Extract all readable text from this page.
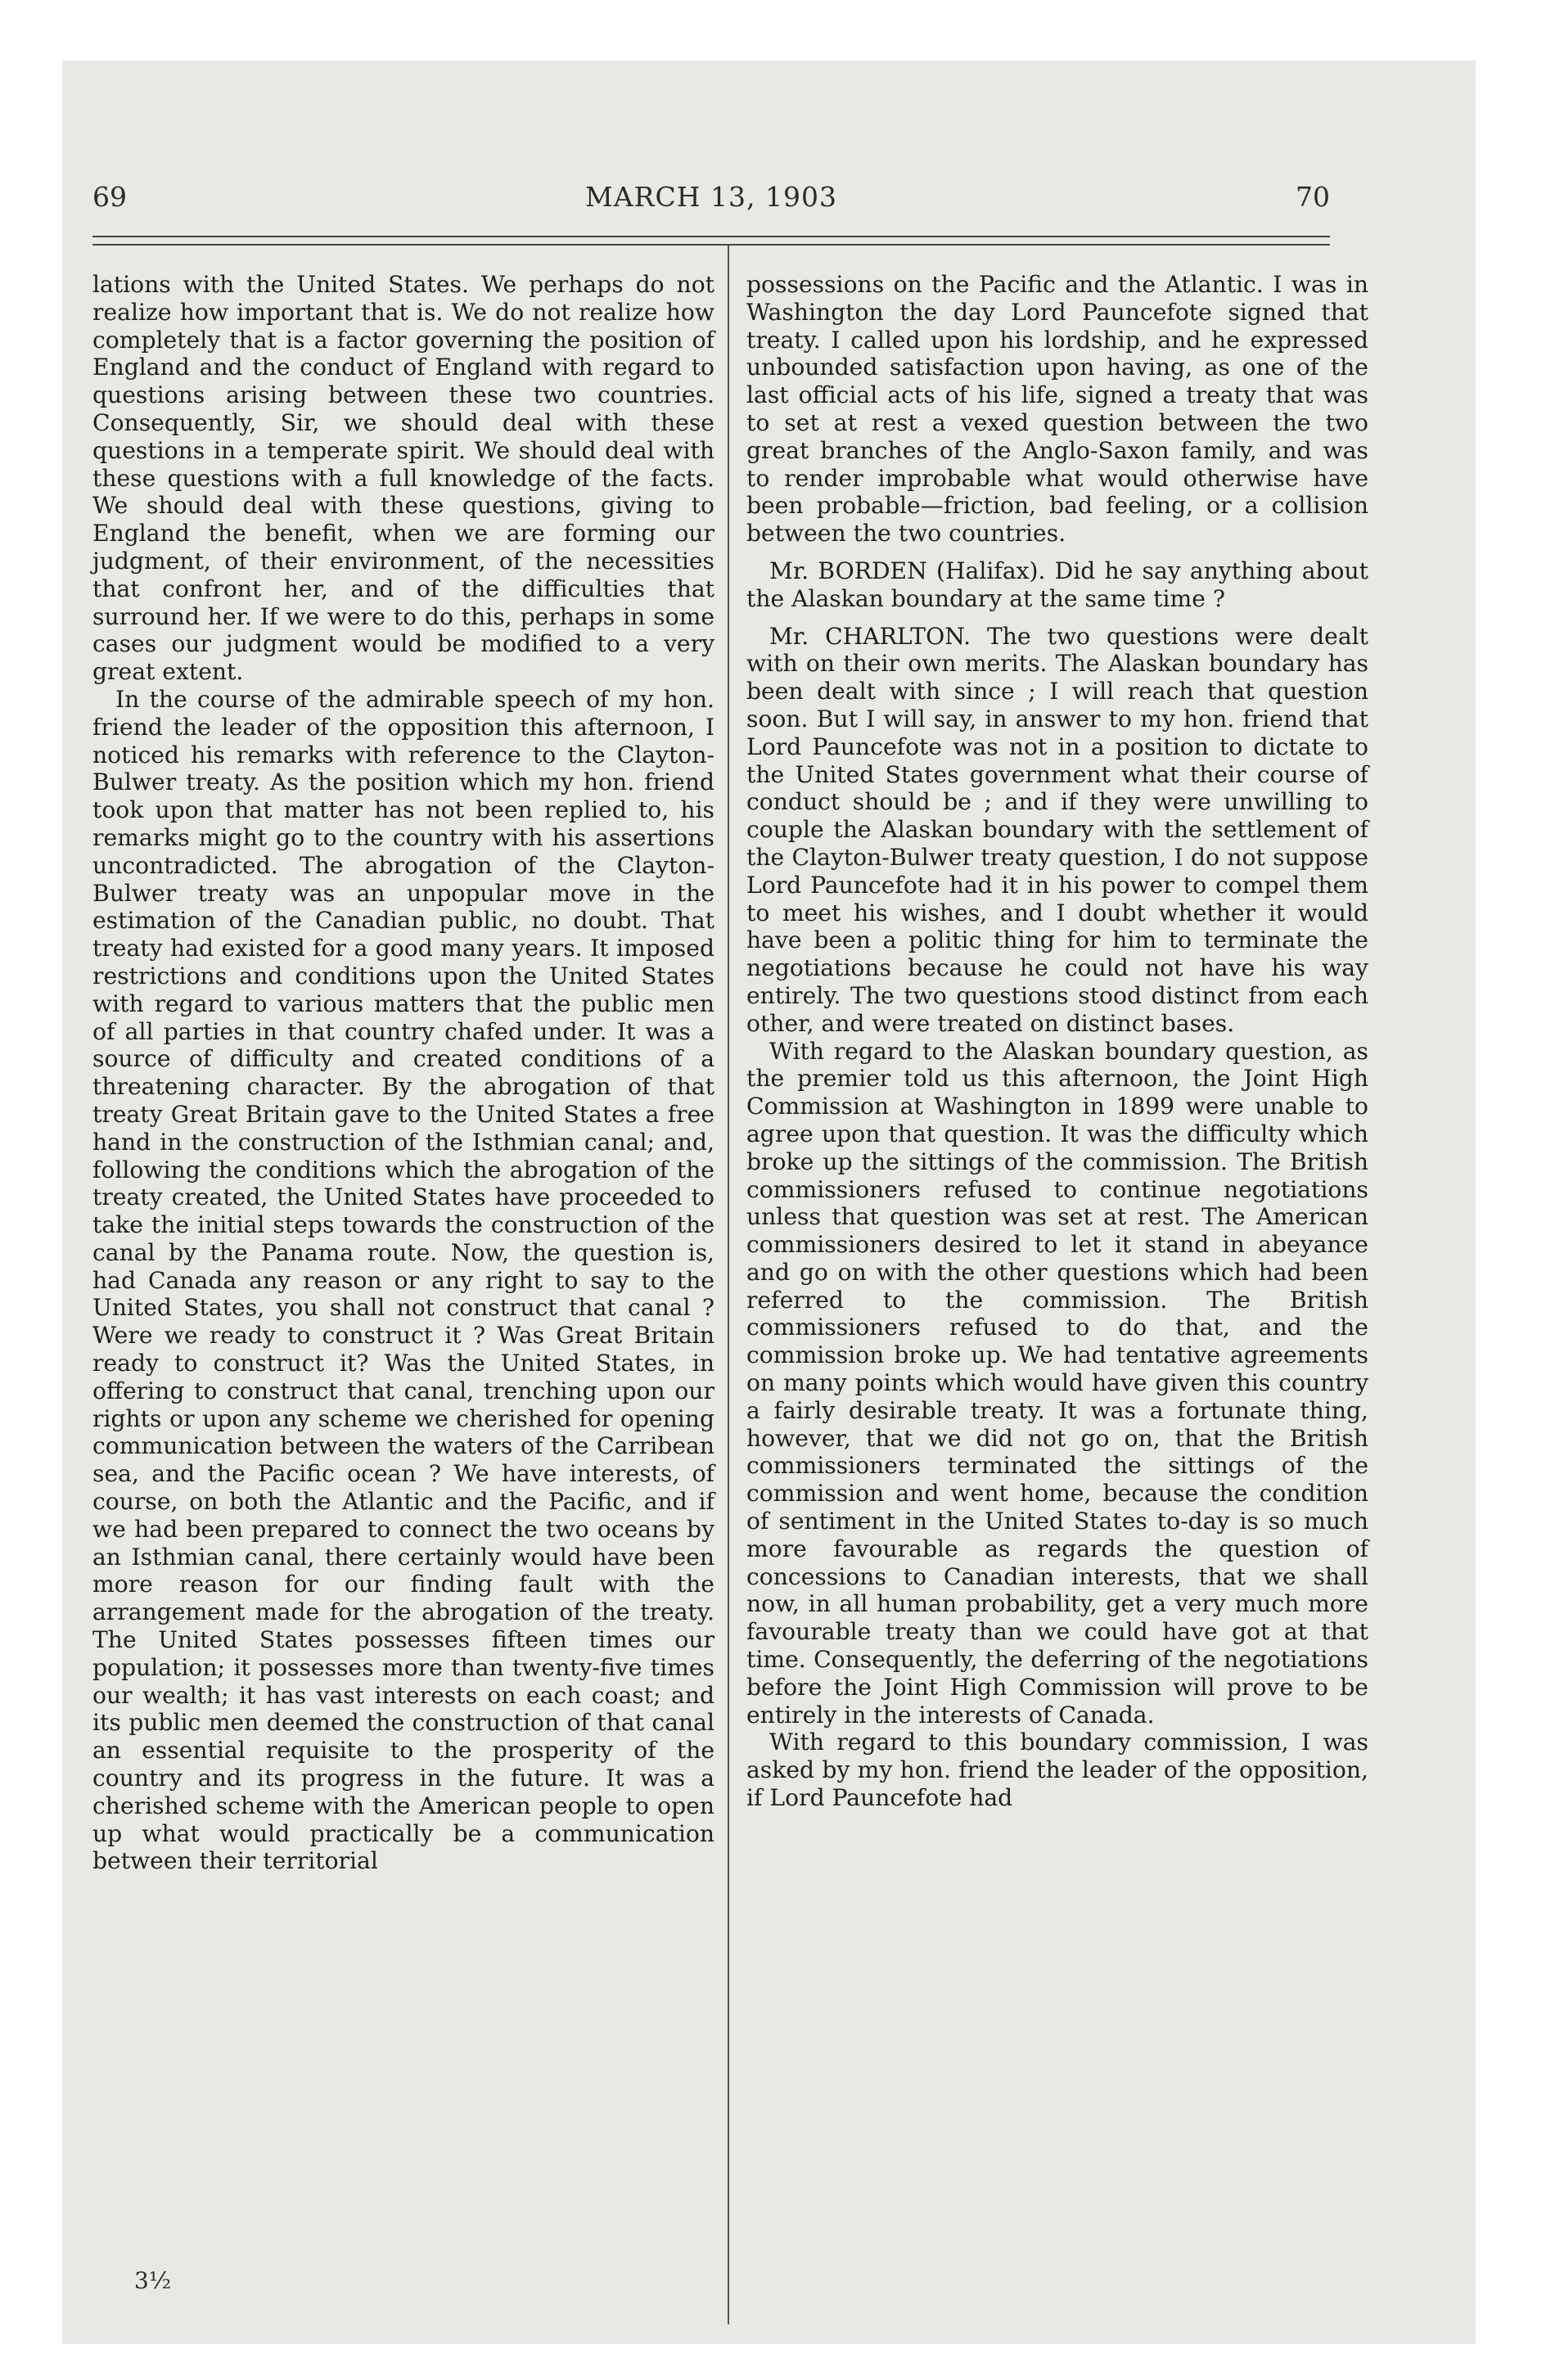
69	MARCH 13, 1903	70

lations with the United States. We perhaps do not realize how important that is. We do not realize how completely that is a factor governing the position of England and the conduct of England with regard to questions arising between these two countries. Consequently, Sir, we should deal with these questions in a temperate spirit. We should deal with these questions with a full knowledge of the facts. We should deal with these questions, giving to England the benefit, when we are forming our judgment, of their environment, of the necessities that confront her, and of the difficulties that surround her. If we were to do this, perhaps in some cases our judgment would be modified to a very great extent.

In the course of the admirable speech of my hon. friend the leader of the opposition this afternoon, I noticed his remarks with reference to the Clayton-Bulwer treaty. As the position which my hon. friend took upon that matter has not been replied to, his remarks might go to the country with his assertions uncontradicted. The abrogation of the Clayton-Bulwer treaty was an unpopular move in the estimation of the Canadian public, no doubt. That treaty had existed for a good many years. It imposed restrictions and conditions upon the United States with regard to various matters that the public men of all parties in that country chafed under. It was a source of difficulty and created conditions of a threatening character. By the abrogation of that treaty Great Britain gave to the United States a free hand in the construction of the Isthmian canal; and, following the conditions which the abrogation of the treaty created, the United States have proceeded to take the initial steps towards the construction of the canal by the Panama route. Now, the question is, had Canada any reason or any right to say to the United States, you shall not construct that canal ? Were we ready to construct it ? Was Great Britain ready to construct it? Was the United States, in offering to construct that canal, trenching upon our rights or upon any scheme we cherished for opening communication between the waters of the Carribean sea, and the Pacific ocean ? We have interests, of course, on both the Atlantic and the Pacific, and if we had been prepared to connect the two oceans by an Isthmian canal, there certainly would have been more reason for our finding fault with the arrangement made for the abrogation of the treaty. The United States possesses fifteen times our population; it possesses more than twenty-five times our wealth; it has vast interests on each coast; and its public men deemed the construction of that canal an essential requisite to the prosperity of the country and its progress in the future. It was a cherished scheme with the American people to open up what would practically be a communication between their territorial

possessions on the Pacific and the Atlantic. I was in Washington the day Lord Pauncefote signed that treaty. I called upon his lordship, and he expressed unbounded satisfaction upon having, as one of the last official acts of his life, signed a treaty that was to set at rest a vexed question between the two great branches of the Anglo-Saxon family, and was to render improbable what would otherwise have been probable—friction, bad feeling, or a collision between the two countries.

Mr. BORDEN (Halifax). Did he say anything about the Alaskan boundary at the same time ?

Mr. CHARLTON. The two questions were dealt with on their own merits. The Alaskan boundary has been dealt with since ; I will reach that question soon. But I will say, in answer to my hon. friend that Lord Pauncefote was not in a position to dictate to the United States government what their course of conduct should be ; and if they were unwilling to couple the Alaskan boundary with the settlement of the Clayton-Bulwer treaty question, I do not suppose Lord Pauncefote had it in his power to compel them to meet his wishes, and I doubt whether it would have been a politic thing for him to terminate the negotiations because he could not have his way entirely. The two questions stood distinct from each other, and were treated on distinct bases.

With regard to the Alaskan boundary question, as the premier told us this afternoon, the Joint High Commission at Washington in 1899 were unable to agree upon that question. It was the difficulty which broke up the sittings of the commission. The British commissioners refused to continue negotiations unless that question was set at rest. The American commissioners desired to let it stand in abeyance and go on with the other questions which had been referred to the commission. The British commissioners refused to do that, and the commission broke up. We had tentative agreements on many points which would have given this country a fairly desirable treaty. It was a fortunate thing, however, that we did not go on, that the British commissioners terminated the sittings of the commission and went home, because the condition of sentiment in the United States to-day is so much more favourable as regards the question of concessions to Canadian interests, that we shall now, in all human probability, get a very much more favourable treaty than we could have got at that time. Consequently, the deferring of the negotiations before the Joint High Commission will prove to be entirely in the interests of Canada.

With regard to this boundary commission, I was asked by my hon. friend the leader of the opposition, if Lord Pauncefote had

3½
